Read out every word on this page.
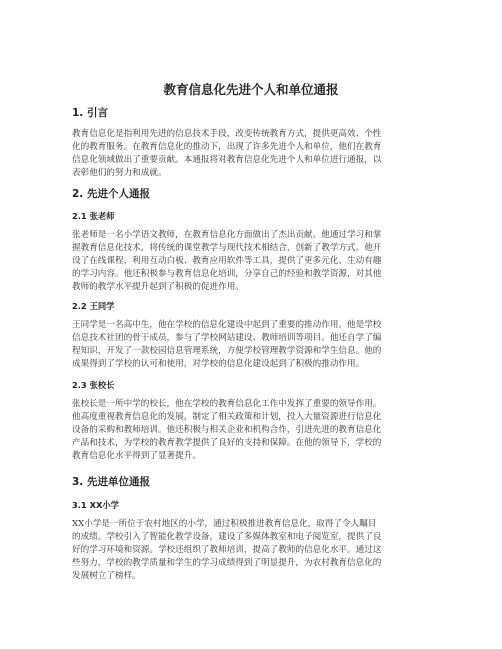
教育信息化先进个人和单位通报
1. 引言
教育信息化是指利用先进的信息技术手段，改变传统教育方式，提供更高效、个性
化的教育服务。在教育信息化的推动下，出现了许多先进个人和单位，他们在教育
信息化领域做出了重要贡献。本通报将对教育信息化先进个人和单位进行通报，以
表彰他们的努力和成就。
2. 先进个人通报
2.1 张老师
张老师是一名小学语文教师，在教育信息化方面做出了杰出贡献。他通过学习和掌
握教育信息化技术，将传统的课堂教学与现代技术相结合，创新了教学方式。他开
设了在线课程，利用互动白板、教育应用软件等工具，提供了更多元化、生动有趣
的学习内容。他还积极参与教育信息化培训，分享自己的经验和教学资源，对其他
教师的教学水平提升起到了积极的促进作用。
2.2 王同学
王同学是一名高中生，他在学校的信息化建设中起到了重要的推动作用。他是学校
信息技术社团的骨干成员，参与了学校网站建设、教师培训等项目。他还自学了编
程知识，开发了一款校园信息管理系统，方便学校管理教学资源和学生信息。他的
成果得到了学校的认可和使用，对学校的信息化建设起到了积极的推动作用。
2.3 张校长
张校长是一所中学的校长，他在学校的教育信息化工作中发挥了重要的领导作用。
他高度重视教育信息化的发展，制定了相关政策和计划，投入大量资源进行信息化
设备的采购和教师培训。他还积极与相关企业和机构合作，引进先进的教育信息化
产品和技术，为学校的教育教学提供了良好的支持和保障。在他的领导下，学校的
教育信息化水平得到了显著提升。
3. 先进单位通报
3.1 XX小学
XX小学是一所位于农村地区的小学，通过积极推进教育信息化，取得了令人瞩目
的成绩。学校引入了智能化教学设备，建设了多媒体教室和电子阅览室，提供了良
好的学习环境和资源。学校还组织了教师培训，提高了教师的信息化水平。通过这
些努力，学校的教学质量和学生的学习成绩得到了明显提升，为农村教育信息化的
发展树立了榜样。
